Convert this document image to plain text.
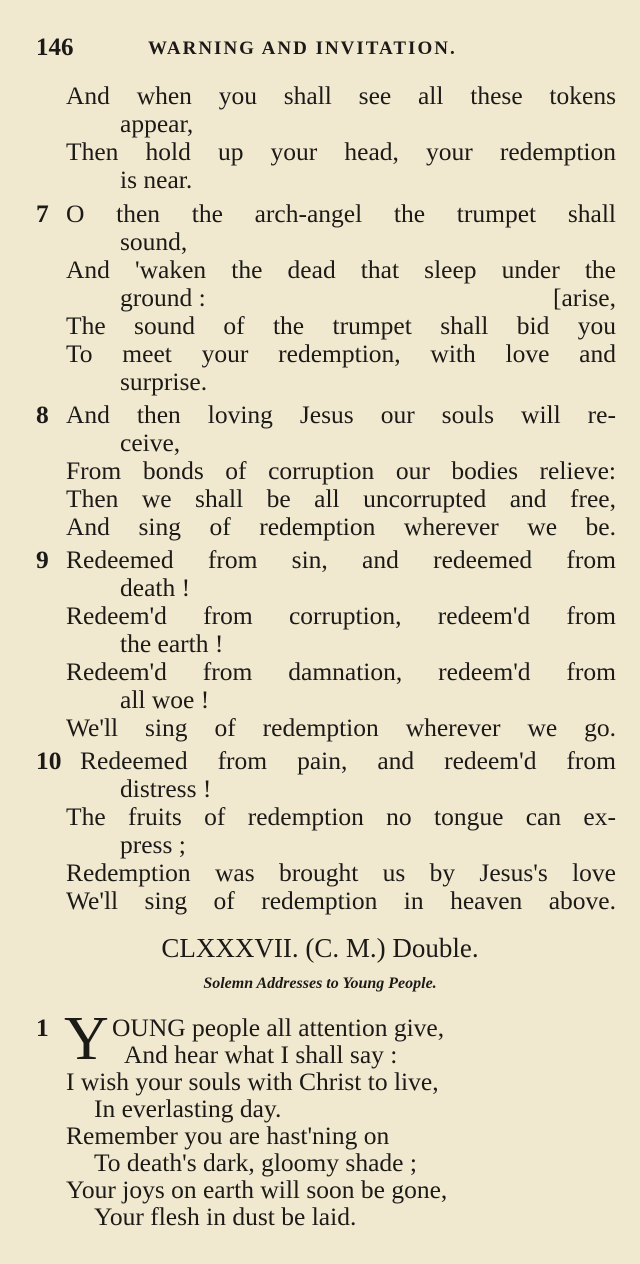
146	WARNING AND INVITATION.
And when you shall see all these tokens
appear,
Then hold up your head, your redemption
is near.
7 O then the arch-angel the trumpet shall
sound,
And 'waken the dead that sleep under the
ground :	[arise,
The sound of the trumpet shall bid you
To meet your redemption, with love and
surprise.
8 And then loving Jesus our souls will re-
ceive,
From bonds of corruption our bodies relieve:
Then we shall be all uncorrupted and free,
And sing of redemption wherever we be.
9 Redeemed from sin, and redeemed from
death !
Redeem'd from corruption, redeem'd from
the earth !
Redeem'd from damnation, redeem'd from
all woe !
We'll sing of redemption wherever we go.
10 Redeemed from pain, and redeem'd from
distress !
The fruits of redemption no tongue can ex-
press ;
Redemption was brought us by Jesus's love
We'll sing of redemption in heaven above.
CLXXXVII. (C. M.) Double.
Solemn Addresses to Young People.
1 Y OUNG people all attention give,
And hear what I shall say :
I wish your souls with Christ to live,
In everlasting day.
Remember you are hast'ning on
To death's dark, gloomy shade ;
Your joys on earth will soon be gone,
Your flesh in dust be laid.
